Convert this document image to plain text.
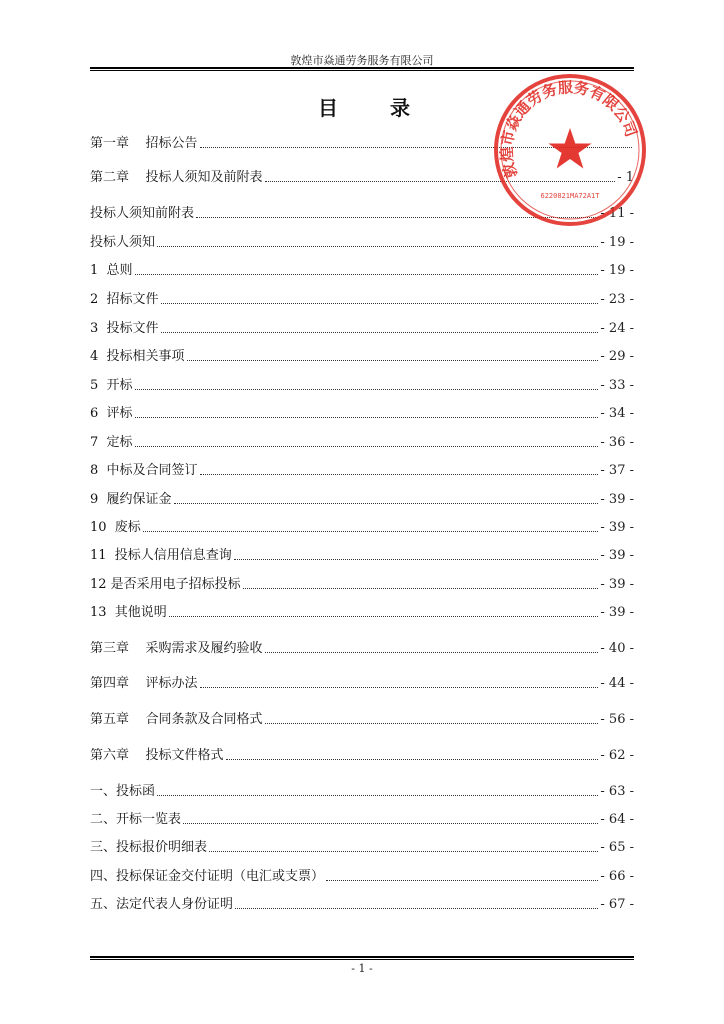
敦煌市焱通劳务服务有限公司
目	录
第一章    招标公告
第二章    投标人须知及前附表	- 1
投标人须知前附表	- 11 -
投标人须知	- 19 -
1  总则	- 19 -
2  招标文件	- 23 -
3  投标文件	- 24 -
4  投标相关事项	- 29 -
5  开标	- 33 -
6  评标	- 34 -
7  定标	- 36 -
8  中标及合同签订	- 37 -
9  履约保证金	- 39 -
10  废标	- 39 -
11  投标人信用信息查询	- 39 -
12 是否采用电子招标投标	- 39 -
13  其他说明	- 39 -
第三章    采购需求及履约验收	- 40 -
第四章    评标办法	- 44 -
第五章    合同条款及合同格式	- 56 -
第六章    投标文件格式	- 62 -
一、投标函	- 63 -
二、开标一览表	- 64 -
三、投标报价明细表	- 65 -
四、投标保证金交付证明（电汇或支票）	- 66 -
五、法定代表人身份证明	- 67 -
敦煌市焱通劳务服务有限公司
6220821MA72A1T
- 1 -
